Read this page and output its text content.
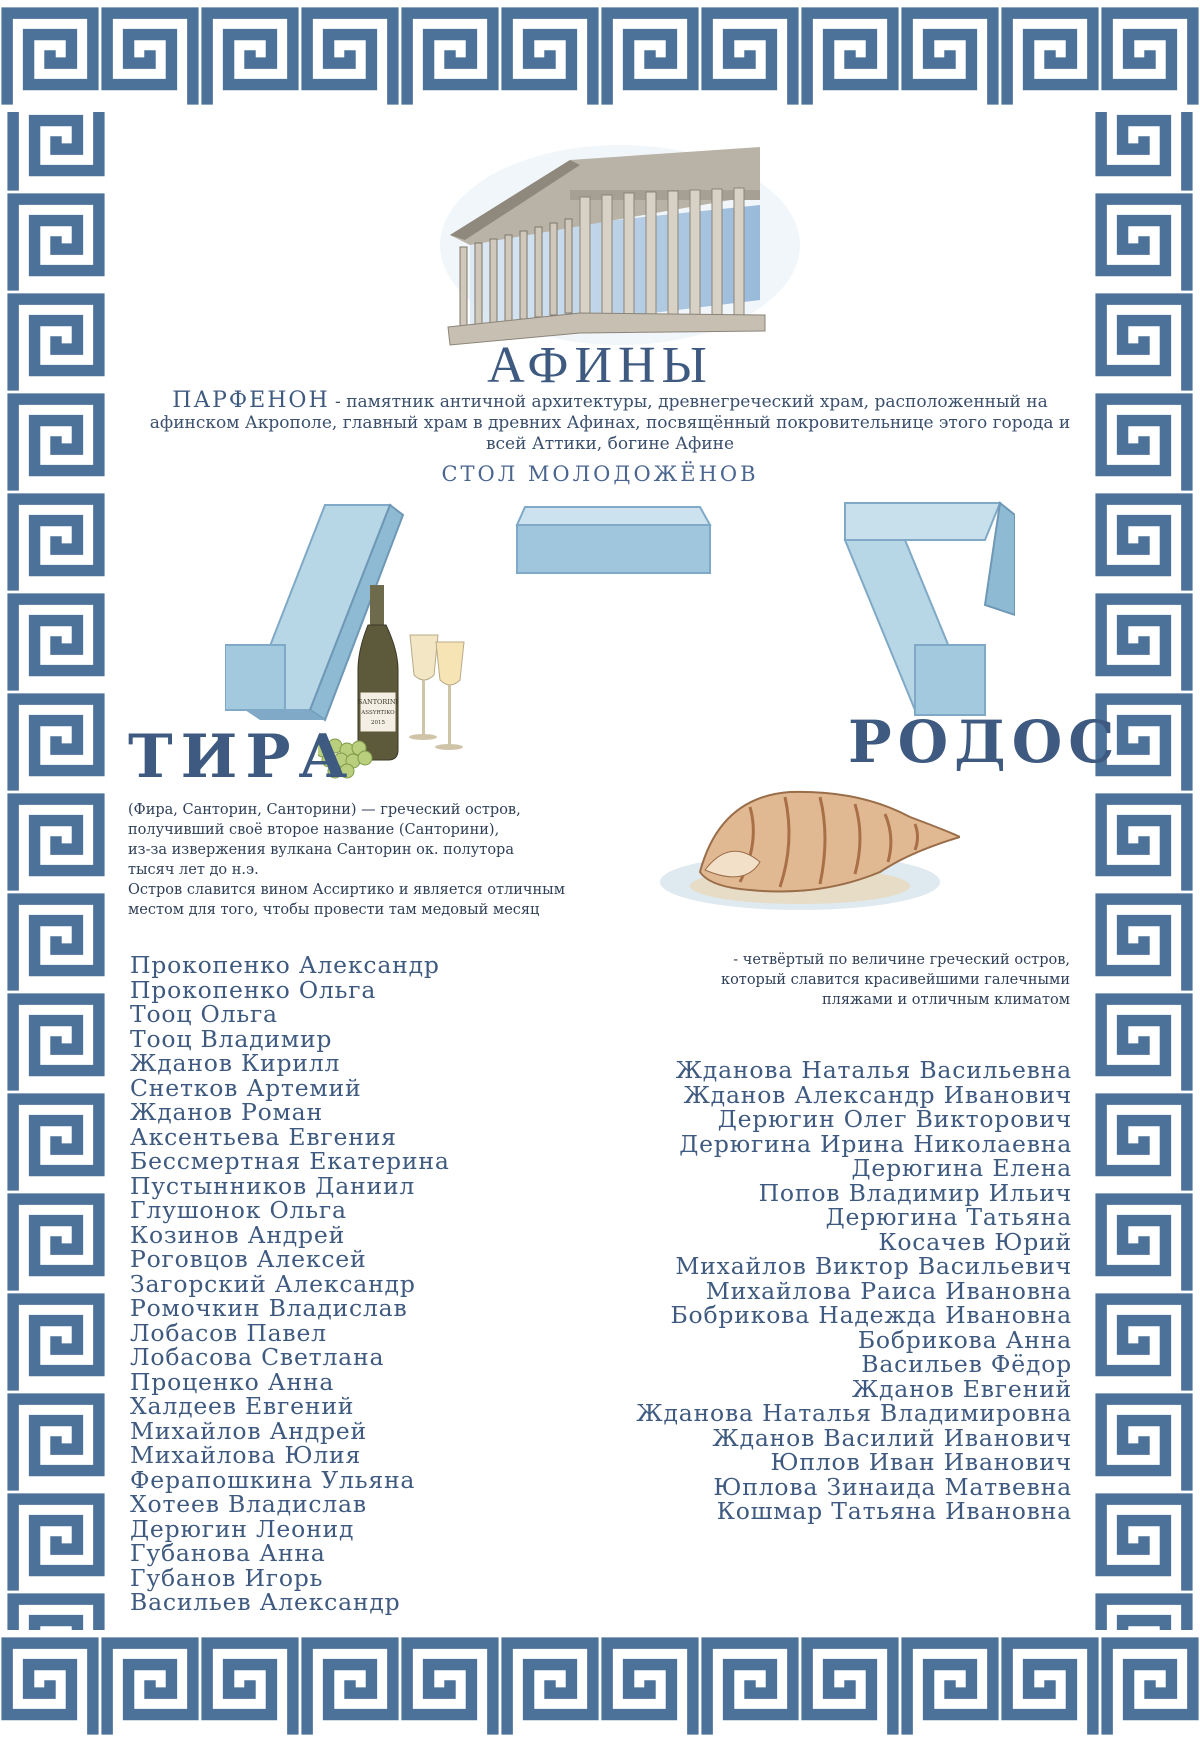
АФИНЫ
ПАРФЕНОН - памятник античной архитектуры, древнегреческий храм, расположенный на афинском Акрополе, главный храм в древних Афинах, посвящённый покровительнице этого города и всей Аттики, богине Афине
СТОЛ МОЛОДОЖЁНОВ
SANTORINI
ASSYRTIKO
2015
ТИРА	РОДОС
(Фира, Санторин, Санторини) — греческий остров,
получивший своё второе название (Санторини),
из-за извержения вулкана Санторин ок. полутора
тысяч лет до н.э.
Остров славится вином Ассиртико и является отличным
местом для того, чтобы провести там медовый месяц
- четвёртый по величине греческий остров,
который славится красивейшими галечными
пляжами и отличным климатом
Прокопенко Александр
Прокопенко Ольга
Тооц Ольга
Тооц Владимир
Жданов Кирилл
Снетков Артемий
Жданов Роман
Аксентьева Евгения
Бессмертная Екатерина
Пустынников Даниил
Глушонок Ольга
Козинов Андрей
Роговцов Алексей
Загорский Александр
Ромочкин Владислав
Лобасов Павел
Лобасова Светлана
Проценко Анна
Халдеев Евгений
Михайлов Андрей
Михайлова Юлия
Ферапошкина Ульяна
Хотеев Владислав
Дерюгин Леонид
Губанова Анна
Губанов Игорь
Васильев Александр
Жданова Наталья Васильевна
Жданов Александр Иванович
Дерюгин Олег Викторович
Дерюгина Ирина Николаевна
Дерюгина Елена
Попов Владимир Ильич
Дерюгина Татьяна
Косачев Юрий
Михайлов Виктор Васильевич
Михайлова Раиса Ивановна
Бобрикова Надежда Ивановна
Бобрикова Анна
Васильев Фёдор
Жданов Евгений
Жданова Наталья Владимировна
Жданов Василий Иванович
Юплов Иван Иванович
Юплова Зинаида Матвевна
Кошмар Татьяна Ивановна
